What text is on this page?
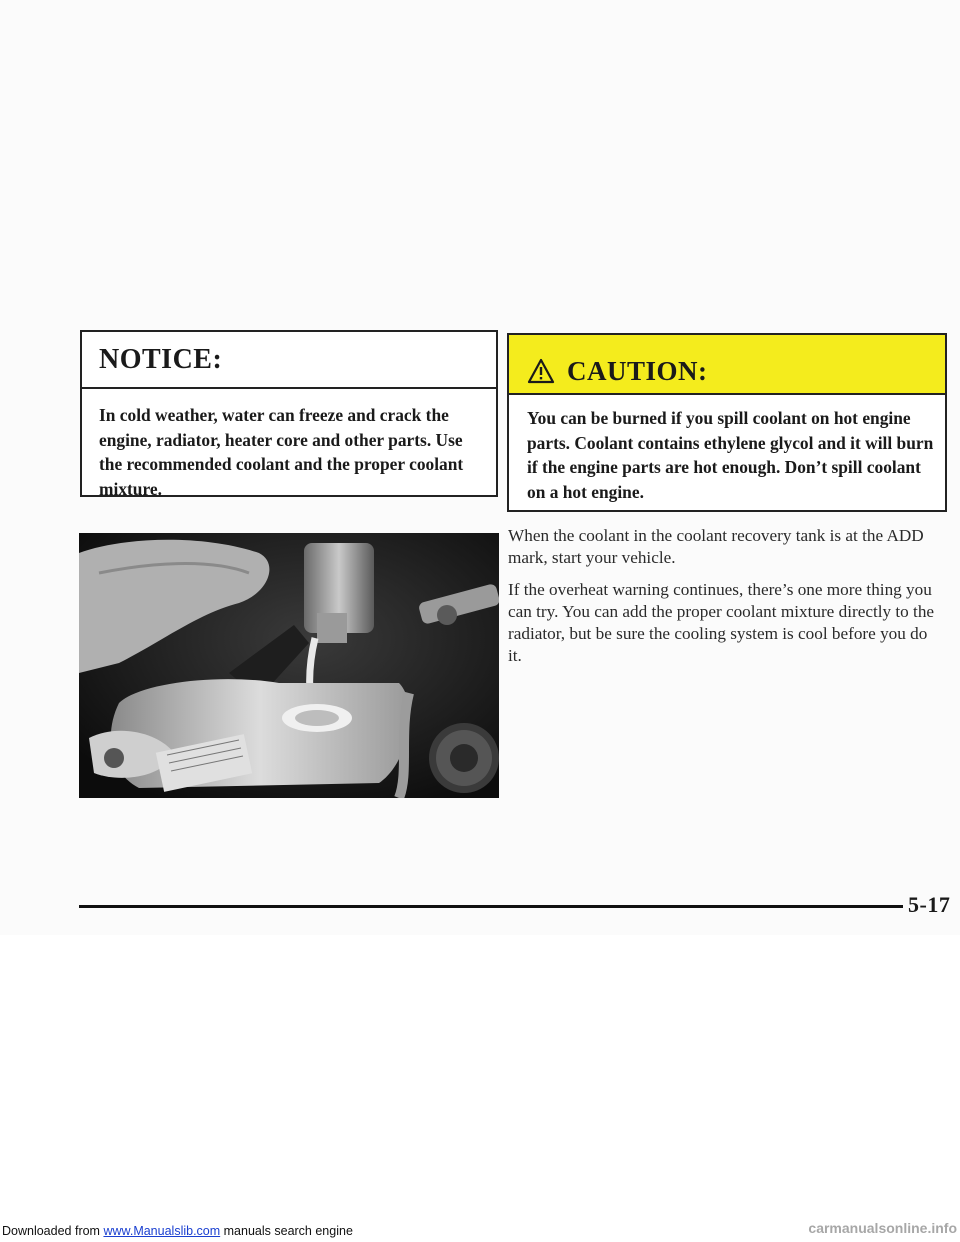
NOTICE:
In cold weather, water can freeze and crack the engine, radiator, heater core and other parts. Use the recommended coolant and the proper coolant mixture.
CAUTION:
You can be burned if you spill coolant on hot engine parts. Coolant contains ethylene glycol and it will burn if the engine parts are hot enough. Don’t spill coolant on a hot engine.

When the coolant in the coolant recovery tank is at the ADD mark, start your vehicle.

If the overheat warning continues, there’s one more thing you can try. You can add the proper coolant mixture directly to the radiator, but be sure the cooling system is cool before you do it.

5-17
Downloaded from www.Manualslib.com manuals search engine	carmanualsonline.info
